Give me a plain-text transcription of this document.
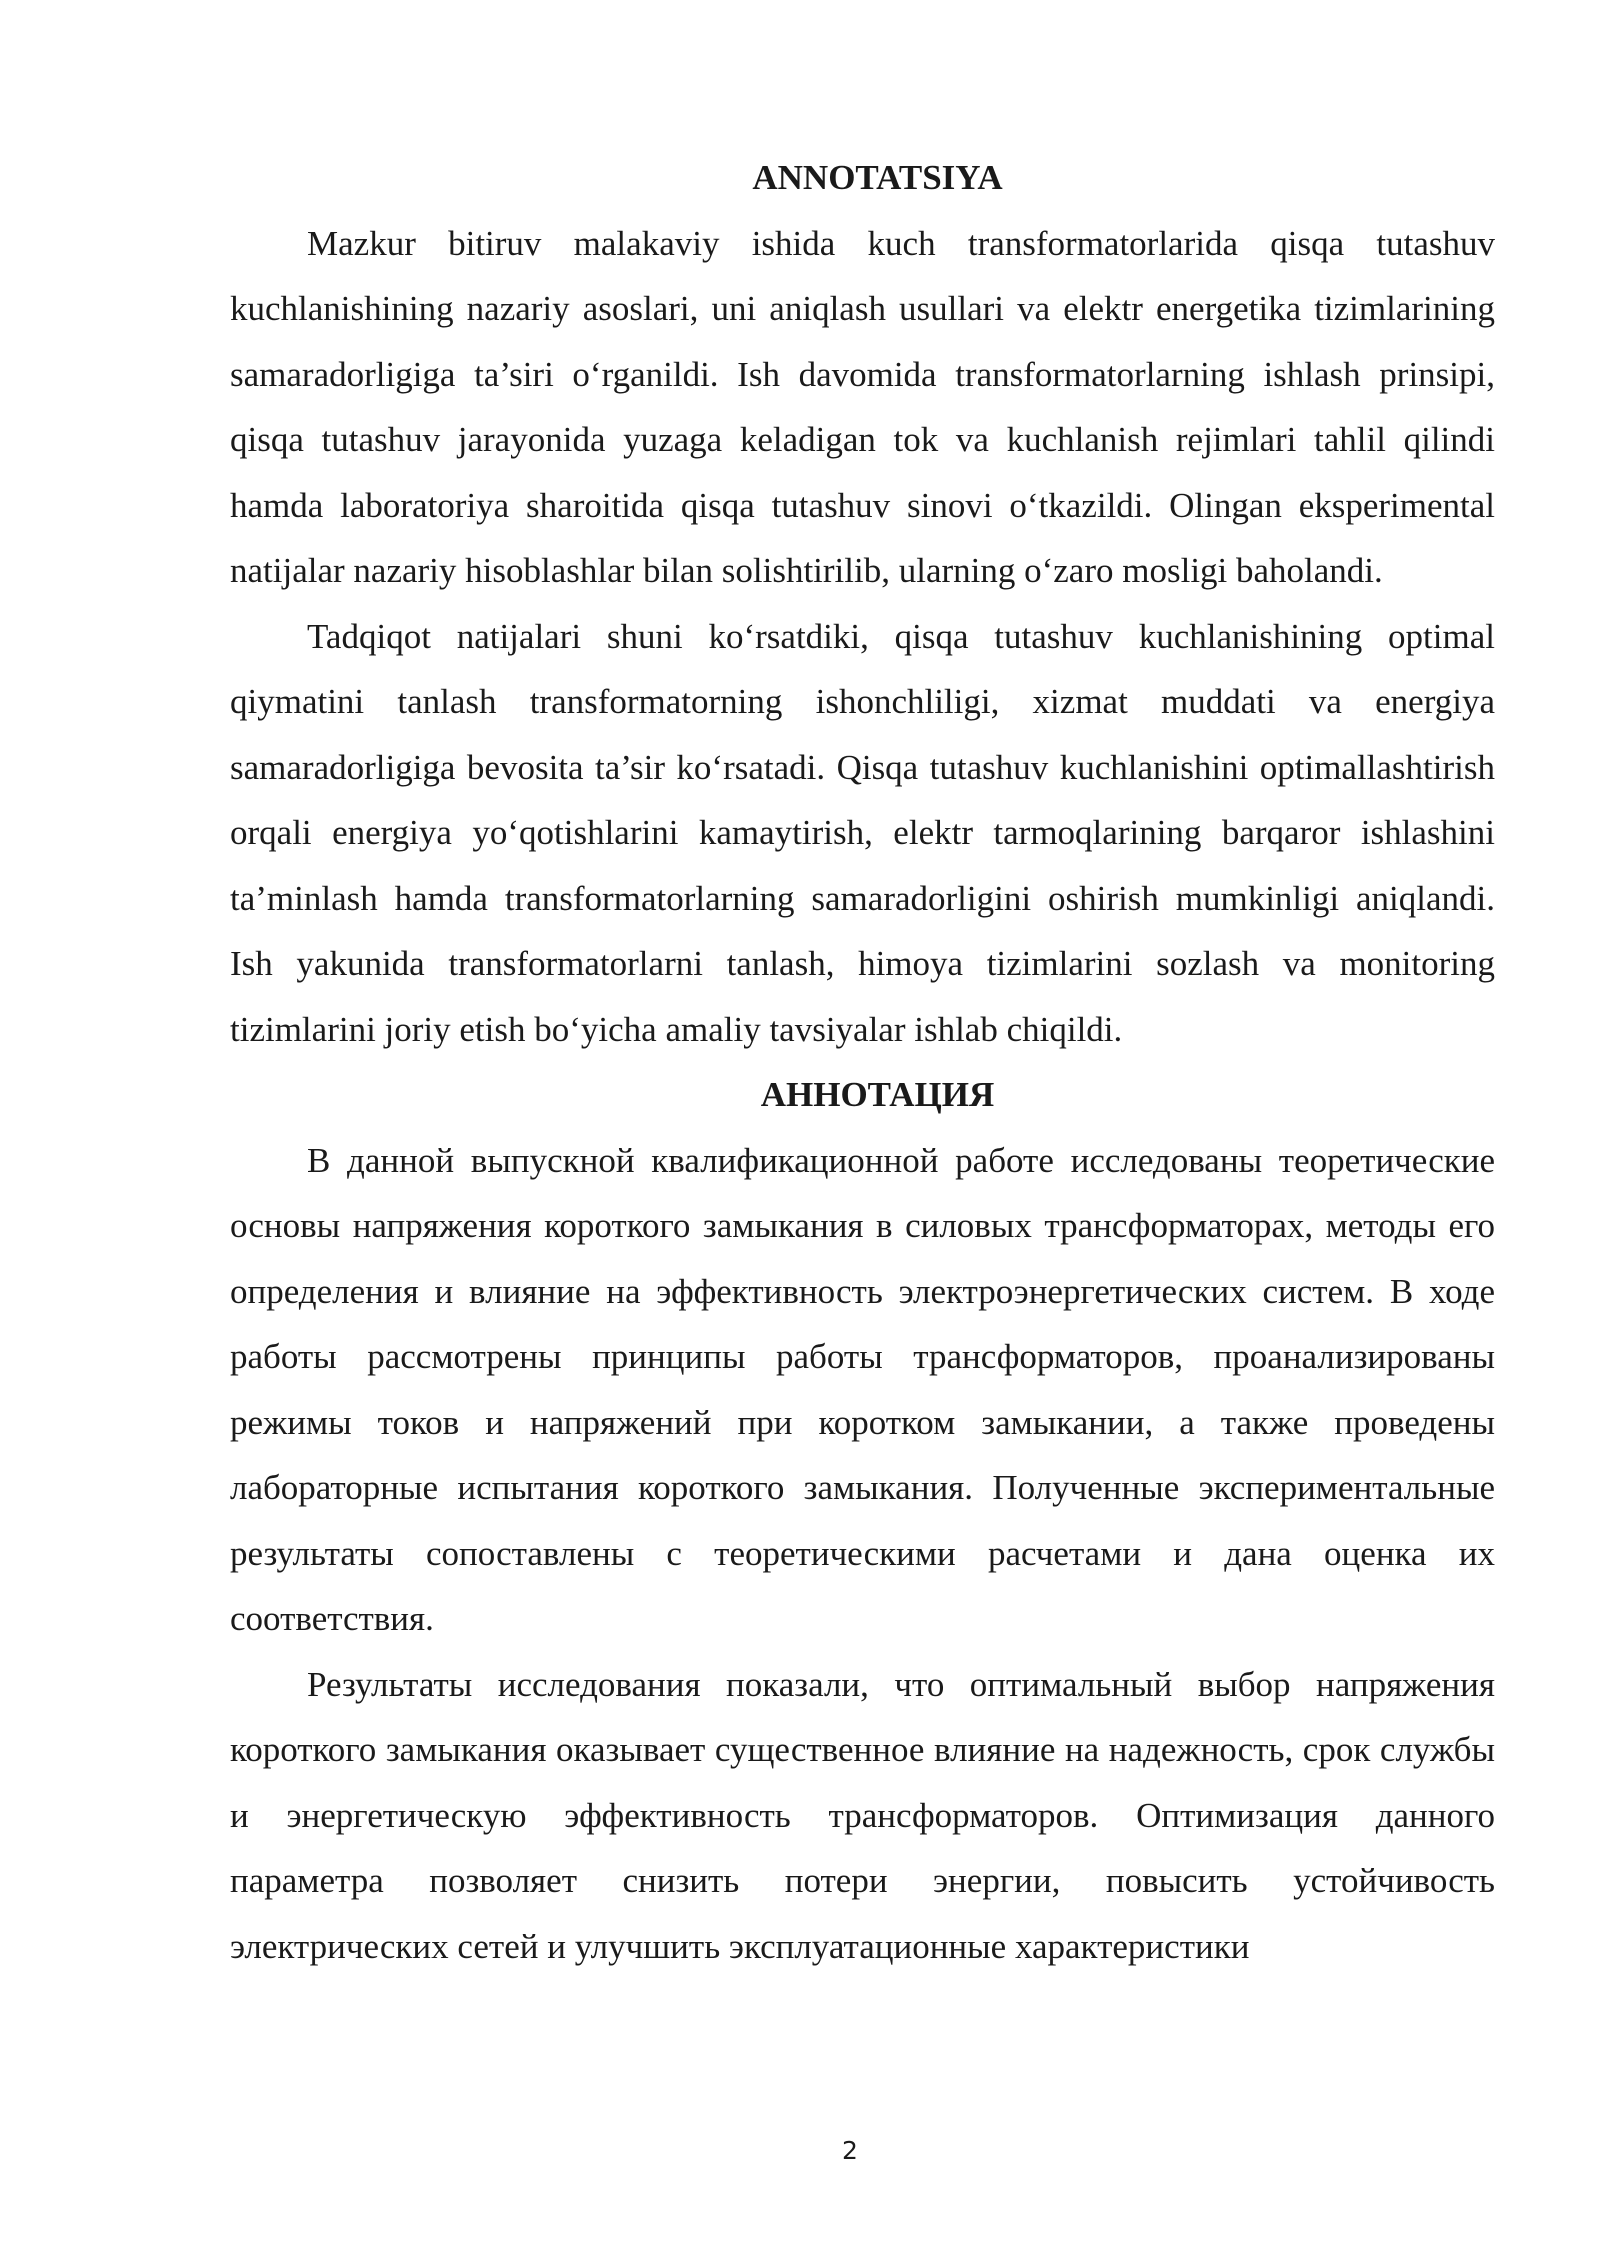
ANNOTATSIYA

Mazkur bitiruv malakaviy ishida kuch transformatorlarida qisqa tutashuv kuchlanishining nazariy asoslari, uni aniqlash usullari va elektr energetika tizimlarining samaradorligiga ta’siri o‘rganildi. Ish davomida transformatorlarning ishlash prinsipi, qisqa tutashuv jarayonida yuzaga keladigan tok va kuchlanish rejimlari tahlil qilindi hamda laboratoriya sharoitida qisqa tutashuv sinovi o‘tkazildi. Olingan eksperimental natijalar nazariy hisoblashlar bilan solishtirilib, ularning o‘zaro mosligi baholandi.

Tadqiqot natijalari shuni ko‘rsatdiki, qisqa tutashuv kuchlanishining optimal qiymatini tanlash transformatorning ishonchliligi, xizmat muddati va energiya samaradorligiga bevosita ta’sir ko‘rsatadi. Qisqa tutashuv kuchlanishini optimallashtirish orqali energiya yo‘qotishlarini kamaytirish, elektr tarmoqlarining barqaror ishlashini ta’minlash hamda transformatorlarning samaradorligini oshirish mumkinligi aniqlandi. Ish yakunida transformatorlarni tanlash, himoya tizimlarini sozlash va monitoring tizimlarini joriy etish bo‘yicha amaliy tavsiyalar ishlab chiqildi.

АННОТАЦИЯ

В данной выпускной квалификационной работе исследованы теоретические основы напряжения короткого замыкания в силовых трансформаторах, методы его определения и влияние на эффективность электроэнергетических систем. В ходе работы рассмотрены принципы работы трансформаторов, проанализированы режимы токов и напряжений при коротком замыкании, а также проведены лабораторные испытания короткого замыкания. Полученные экспериментальные результаты сопоставлены с теоретическими расчетами и дана оценка их соответствия.

Результаты исследования показали, что оптимальный выбор напряжения короткого замыкания оказывает существенное влияние на надежность, срок службы и энергетическую эффективность трансформаторов. Оптимизация данного параметра позволяет снизить потери энергии, повысить устойчивость электрических сетей и улучшить эксплуатационные характеристики

2
